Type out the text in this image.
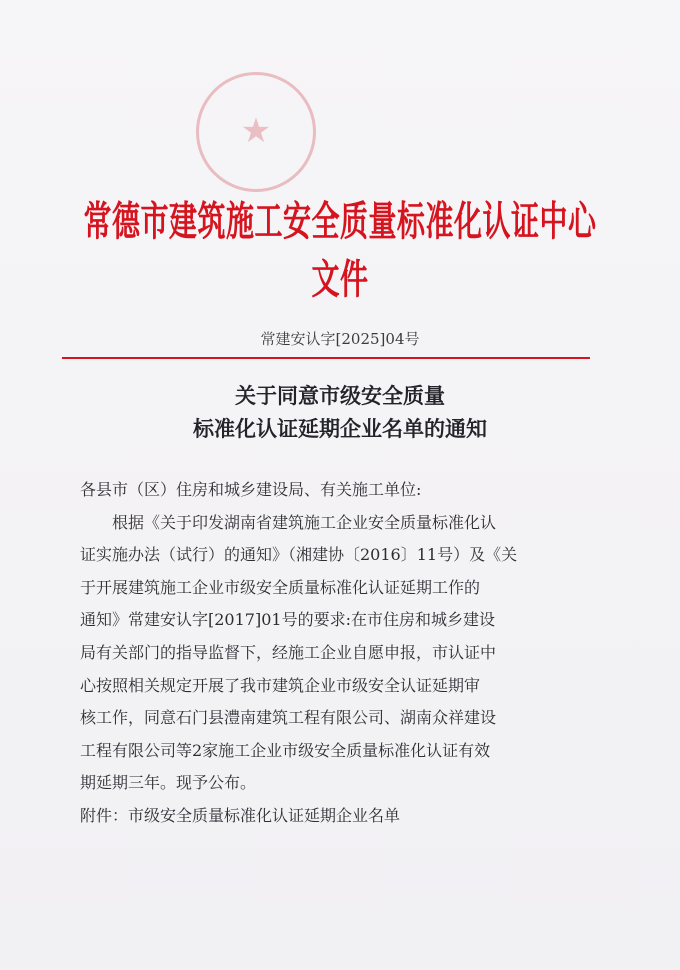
★
常德市建筑施工安全质量标准化认证中心文件
常建安认字[2025]04号
关于同意市级安全质量
标准化认证延期企业名单的通知
各县市（区）住房和城乡建设局、有关施工单位:
根据《关于印发湖南省建筑施工企业安全质量标准化认
证实施办法（试行）的通知》（湘建协〔2016〕11号）及《关
于开展建筑施工企业市级安全质量标准化认证延期工作的
通知》常建安认字[2017]01号的要求:在市住房和城乡建设
局有关部门的指导监督下，经施工企业自愿申报，市认证中
心按照相关规定开展了我市建筑企业市级安全认证延期审
核工作，同意石门县澧南建筑工程有限公司、湖南众祥建设
工程有限公司等2家施工企业市级安全质量标准化认证有效
期延期三年。现予公布。
附件：市级安全质量标准化认证延期企业名单
